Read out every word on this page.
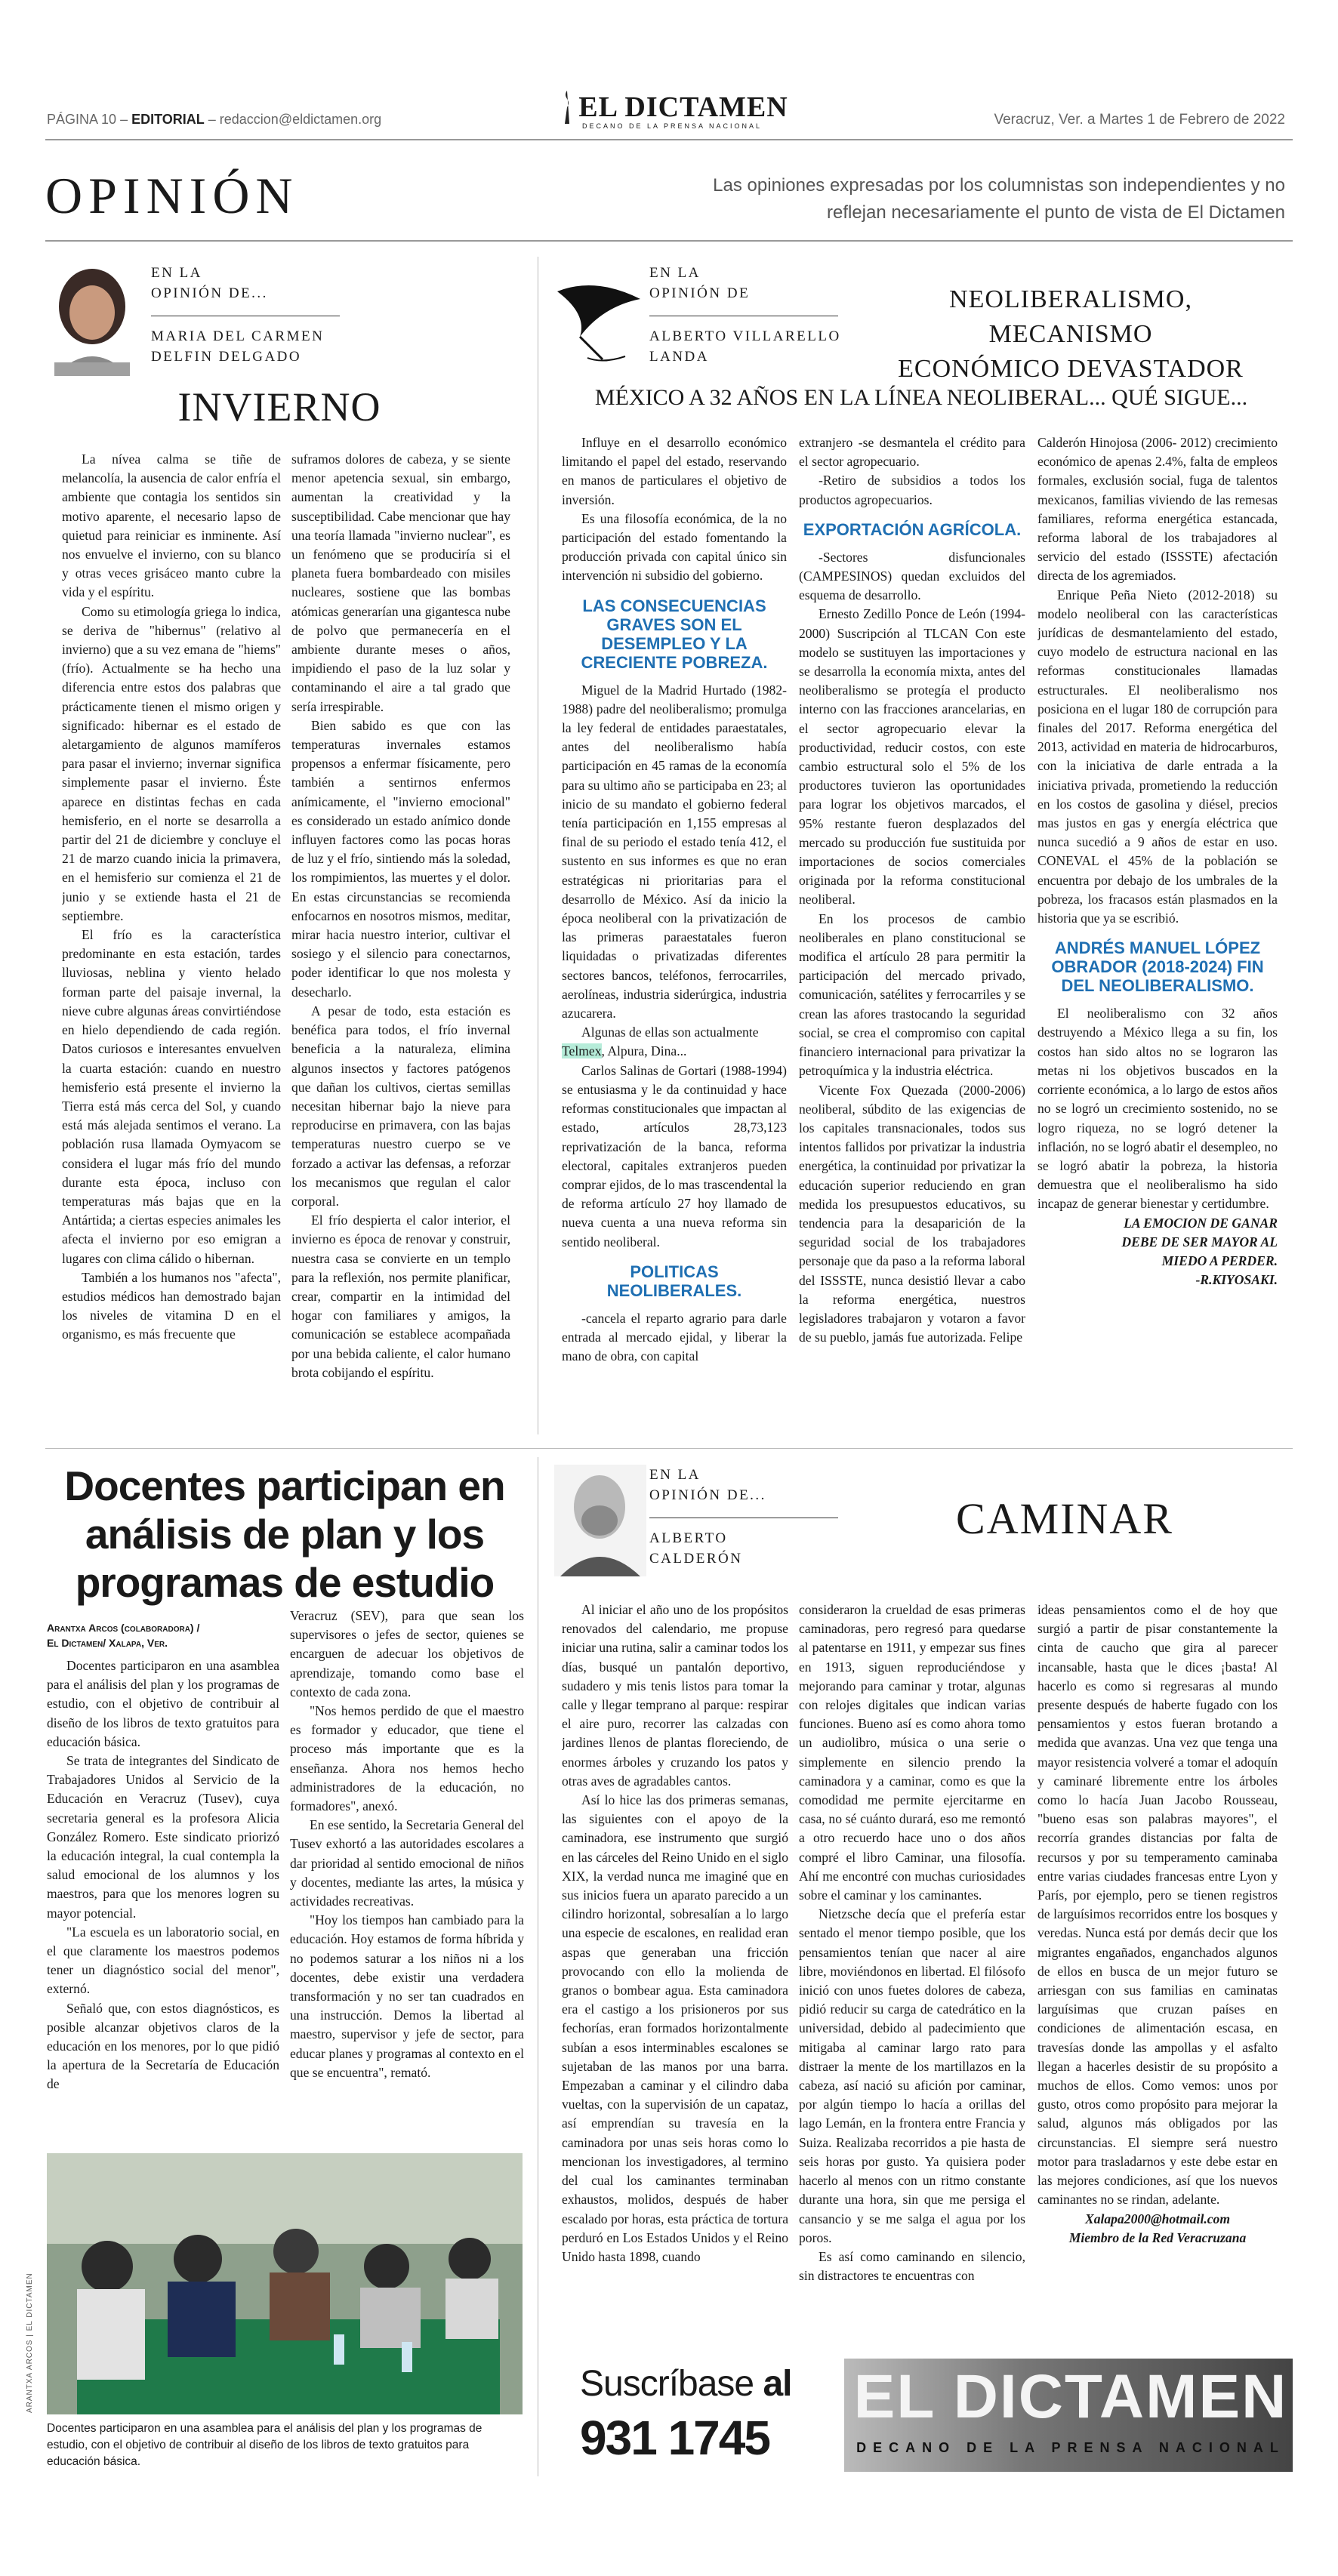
PÁGINA 10 – EDITORIAL – redaccion@eldictamen.org	EL DICTAMEN
DECANO DE LA PRENSA NACIONAL	Veracruz, Ver. a Martes 1 de Febrero de 2022
OPINIÓN	Las opiniones expresadas por los columnistas son independientes y no
reflejan necesariamente el punto de vista de El Dictamen
EN LA
OPINIÓN DE...
MARIA DEL CARMEN
DELFIN DELGADO
INVIERNO

La nívea calma se tiñe de melancolía, la ausencia de calor enfría el ambiente que contagia los sentidos sin motivo aparente, el necesario lapso de quietud para reiniciar es inminente. Así nos envuelve el invierno, con su blanco y otras veces grisáceo manto cubre la vida y el espíritu.

Como su etimología griega lo indica, se deriva de "hibernus" (relativo al invierno) que a su vez emana de "hiems" (frío). Actualmente se ha hecho una diferencia entre estos dos palabras que prácticamente tienen el mismo origen y significado: hibernar es el estado de aletargamiento de algunos mamíferos para pasar el invierno; invernar significa simplemente pasar el invierno. Éste aparece en distintas fechas en cada hemisferio, en el norte se desarrolla a partir del 21 de diciembre y concluye el 21 de marzo cuando inicia la primavera, en el hemisferio sur comienza el 21 de junio y se extiende hasta el 21 de septiembre.

El frío es la característica predominante en esta estación, tardes lluviosas, neblina y viento helado forman parte del paisaje invernal, la nieve cubre algunas áreas convirtiéndose en hielo dependiendo de cada región. Datos curiosos e interesantes envuelven la cuarta estación: cuando en nuestro hemisferio está presente el invierno la Tierra está más cerca del Sol, y cuando está más alejada sentimos el verano. La población rusa llamada Oymyacom se considera el lugar más frío del mundo durante esta época, incluso con temperaturas más bajas que en la Antártida; a ciertas especies animales les afecta el invierno por eso emigran a lugares con clima cálido o hibernan.

También a los humanos nos "afecta", estudios médicos han demostrado bajan los niveles de vitamina D en el organismo, es más frecuente que

suframos dolores de cabeza, y se siente menor apetencia sexual, sin embargo, aumentan la creatividad y la susceptibilidad. Cabe mencionar que hay una teoría llamada "invierno nuclear", es un fenómeno que se produciría si el planeta fuera bombardeado con misiles nucleares, sostiene que las bombas atómicas generarían una gigantesca nube de polvo que permanecería en el ambiente durante meses o años, impidiendo el paso de la luz solar y contaminando el aire a tal grado que sería irrespirable.

Bien sabido es que con las temperaturas invernales estamos propensos a enfermar físicamente, pero también a sentirnos enfermos anímicamente, el "invierno emocional" es considerado un estado anímico donde influyen factores como las pocas horas de luz y el frío, sintiendo más la soledad, los rompimientos, las muertes y el dolor. En estas circunstancias se recomienda enfocarnos en nosotros mismos, meditar, mirar hacia nuestro interior, cultivar el sosiego y el silencio para conectarnos, poder identificar lo que nos molesta y desecharlo.

A pesar de todo, esta estación es benéfica para todos, el frío invernal beneficia a la naturaleza, elimina algunos insectos y factores patógenos que dañan los cultivos, ciertas semillas necesitan hibernar bajo la nieve para reproducirse en primavera, con las bajas temperaturas nuestro cuerpo se ve forzado a activar las defensas, a reforzar los mecanismos que regulan el calor corporal.

El frío despierta el calor interior, el invierno es época de renovar y construir, nuestra casa se convierte en un templo para la reflexión, nos permite planificar, crear, compartir en la intimidad del hogar con familiares y amigos, la comunicación se establece acompañada por una bebida caliente, el calor humano brota cobijando el espíritu.

EN LA
OPINIÓN DE
ALBERTO VILLARELLO
LANDA
NEOLIBERALISMO, MECANISMO
ECONÓMICO DEVASTADOR
MÉXICO A 32 AÑOS EN LA LÍNEA NEOLIBERAL... QUÉ SIGUE...

Influye en el desarrollo económico limitando el papel del estado, reservando en manos de particulares el objetivo de inversión.

Es una filosofía económica, de la no participación del estado fomentando la producción privada con capital único sin intervención ni subsidio del gobierno.

LAS CONSECUENCIAS GRAVES SON EL DESEMPLEO Y LA CRECIENTE POBREZA.

Miguel de la Madrid Hurtado (1982-1988) padre del neoliberalismo; promulga la ley federal de entidades paraestatales, antes del neoliberalismo había participación en 45 ramas de la economía para su ultimo año se participaba en 23; al inicio de su mandato el gobierno federal tenía participación en 1,155 empresas al final de su periodo el estado tenía 412, el sustento en sus informes es que no eran estratégicas ni prioritarias para el desarrollo de México. Así da inicio la época neoliberal con la privatización de las primeras paraestatales fueron liquidadas o privatizadas diferentes sectores bancos, teléfonos, ferrocarriles, aerolíneas, industria siderúrgica, industria azucarera.

Algunas de ellas son actualmente

Telmex, Alpura, Dina...

Carlos Salinas de Gortari (1988-1994) se entusiasma y le da continuidad y hace reformas constitucionales que impactan al estado, artículos 28,73,123 reprivatización de la banca, reforma electoral, capitales extranjeros pueden comprar ejidos, de lo mas trascendental la de reforma artículo 27 hoy llamado de nueva cuenta a una nueva reforma sin sentido neoliberal.

POLITICAS NEOLIBERALES.

-cancela el reparto agrario para darle entrada al mercado ejidal, y liberar la mano de obra, con capital

extranjero -se desmantela el crédito para el sector agropecuario.

-Retiro de subsidios a todos los productos agropecuarios.

EXPORTACIÓN AGRÍCOLA.

-Sectores disfuncionales (CAMPESINOS) quedan excluidos del esquema de desarrollo.

Ernesto Zedillo Ponce de León (1994-2000) Suscripción al TLCAN Con este modelo se sustituyen las importaciones y se desarrolla la economía mixta, antes del neoliberalismo se protegía el producto interno con las fracciones arancelarias, en el sector agropecuario elevar la productividad, reducir costos, con este cambio estructural solo el 5% de los productores tuvieron las oportunidades para lograr los objetivos marcados, el 95% restante fueron desplazados del mercado su producción fue sustituida por importaciones de socios comerciales originada por la reforma constitucional neoliberal.

En los procesos de cambio neoliberales en plano constitucional se modifica el artículo 28 para permitir la participación del mercado privado, comunicación, satélites y ferrocarriles y se crean las afores trastocando la seguridad social, se crea el compromiso con capital financiero internacional para privatizar la petroquímica y la industria eléctrica.

Vicente Fox Quezada (2000-2006) neoliberal, súbdito de las exigencias de los capitales transnacionales, todos sus intentos fallidos por privatizar la industria energética, la continuidad por privatizar la educación superior reduciendo en gran medida los presupuestos educativos, su tendencia para la desaparición de la seguridad social de los trabajadores personaje que da paso a la reforma laboral del ISSSTE, nunca desistió llevar a cabo la reforma energética, nuestros legisladores trabajaron y votaron a favor de su pueblo, jamás fue autorizada. Felipe

Calderón Hinojosa (2006- 2012) crecimiento económico de apenas 2.4%, falta de empleos formales, exclusión social, fuga de talentos mexicanos, familias viviendo de las remesas familiares, reforma energética estancada, reforma laboral de los trabajadores al servicio del estado (ISSSTE) afectación directa de los agremiados.

Enrique Peña Nieto (2012-2018) su modelo neoliberal con las características jurídicas de desmantelamiento del estado, cuyo modelo de estructura nacional en las reformas constitucionales llamadas estructurales. El neoliberalismo nos posiciona en el lugar 180 de corrupción para finales del 2017. Reforma energética del 2013, actividad en materia de hidrocarburos, con la iniciativa de darle entrada a la iniciativa privada, prometiendo la reducción en los costos de gasolina y diésel, precios mas justos en gas y energía eléctrica que nunca sucedió a 9 años de estar en uso. CONEVAL el 45% de la población se encuentra por debajo de los umbrales de la pobreza, los fracasos están plasmados en la historia que ya se escribió.

ANDRÉS MANUEL LÓPEZ OBRADOR (2018-2024) FIN DEL NEOLIBERALISMO.

El neoliberalismo con 32 años destruyendo a México llega a su fin, los costos han sido altos no se lograron las metas ni los objetivos buscados en la corriente económica, a lo largo de estos años no se logró un crecimiento sostenido, no se logro riqueza, no se logró detener la inflación, no se logró abatir el desempleo, no se logró abatir la pobreza, la historia demuestra que el neoliberalismo ha sido incapaz de generar bienestar y certidumbre.

LA EMOCION DE GANAR

DEBE DE SER MAYOR AL

MIEDO A PERDER.

-R.KIYOSAKI.

Docentes participan en análisis de plan y los programas de estudio
Arantxa Arcos (colaboradora) /
El Dictamen/ Xalapa, Ver.

Docentes participaron en una asamblea para el análisis del plan y los programas de estudio, con el objetivo de contribuir al diseño de los libros de texto gratuitos para educación básica.

Se trata de integrantes del Sindicato de Trabajadores Unidos al Servicio de la Educación en Veracruz (Tusev), cuya secretaria general es la profesora Alicia González Romero. Este sindicato priorizó la educación integral, la cual contempla la salud emocional de los alumnos y los maestros, para que los menores logren su mayor potencial.

"La escuela es un laboratorio social, en el que claramente los maestros podemos tener un diagnóstico social del menor", externó.

Señaló que, con estos diagnósticos, es posible alcanzar objetivos claros de la educación en los menores, por lo que pidió la apertura de la Secretaría de Educación de

Veracruz (SEV), para que sean los supervisores o jefes de sector, quienes se encarguen de adecuar los objetivos de aprendizaje, tomando como base el contexto de cada zona.

"Nos hemos perdido de que el maestro es formador y educador, que tiene el proceso más importante que es la enseñanza. Ahora nos hemos hecho administradores de la educación, no formadores", anexó.

En ese sentido, la Secretaria General del Tusev exhortó a las autoridades escolares a dar prioridad al sentido emocional de niños y docentes, mediante las artes, la música y actividades recreativas.

"Hoy los tiempos han cambiado para la educación. Hoy estamos de forma híbrida y no podemos saturar a los niños ni a los docentes, debe existir una verdadera transformación y no ser tan cuadrados en una instrucción. Demos la libertad al maestro, supervisor y jefe de sector, para educar planes y programas al contexto en el que se encuentra", remató.

ARANTXA ARCOS | EL DICTAMEN
Docentes participaron en una asamblea para el análisis del plan y los programas de estudio, con el objetivo de contribuir al diseño de los libros de texto gratuitos para educación básica.
EN LA
OPINIÓN DE...
ALBERTO
CALDERÓN
CAMINAR

Al iniciar el año uno de los propósitos renovados del calendario, me propuse iniciar una rutina, salir a caminar todos los días, busqué un pantalón deportivo, sudadero y mis tenis listos para tomar la calle y llegar temprano al parque: respirar el aire puro, recorrer las calzadas con jardines llenos de plantas floreciendo, de enormes árboles y cruzando los patos y otras aves de agradables cantos.

Así lo hice las dos primeras semanas, las siguientes con el apoyo de la caminadora, ese instrumento que surgió en las cárceles del Reino Unido en el siglo XIX, la verdad nunca me imaginé que en sus inicios fuera un aparato parecido a un cilindro horizontal, sobresalían a lo largo una especie de escalones, en realidad eran aspas que generaban una fricción provocando con ello la molienda de granos o bombear agua. Esta caminadora era el castigo a los prisioneros por sus fechorías, eran formados horizontalmente subían a esos interminables escalones se sujetaban de las manos por una barra. Empezaban a caminar y el cilindro daba vueltas, con la supervisión de un capataz, así emprendían su travesía en la caminadora por unas seis horas como lo mencionan los investigadores, al termino del cual los caminantes terminaban exhaustos, molidos, después de haber escalado por horas, esta práctica de tortura perduró en Los Estados Unidos y el Reino Unido hasta 1898, cuando

consideraron la crueldad de esas primeras caminadoras, pero regresó para quedarse al patentarse en 1911, y empezar sus fines en 1913, siguen reproduciéndose y mejorando para caminar y trotar, algunas con relojes digitales que indican varias funciones. Bueno así es como ahora tomo un audiolibro, música o una serie o simplemente en silencio prendo la caminadora y a caminar, como es que la comodidad me permite ejercitarme en casa, no sé cuánto durará, eso me remontó a otro recuerdo hace uno o dos años compré el libro Caminar, una filosofía. Ahí me encontré con muchas curiosidades sobre el caminar y los caminantes.

Nietzsche decía que el prefería estar sentado el menor tiempo posible, que los pensamientos tenían que nacer al aire libre, moviéndonos en libertad. El filósofo inició con unos fuetes dolores de cabeza, pidió reducir su carga de catedrático en la universidad, debido al padecimiento que mitigaba al caminar largo rato para distraer la mente de los martillazos en la cabeza, así nació su afición por caminar, por algún tiempo lo hacía a orillas del lago Lemán, en la frontera entre Francia y Suiza. Realizaba recorridos a pie hasta de seis horas por gusto. Ya quisiera poder hacerlo al menos con un ritmo constante durante una hora, sin que me persiga el cansancio y se me salga el agua por los poros.

Es así como caminando en silencio, sin distractores te encuentras con

ideas pensamientos como el de hoy que surgió a partir de pisar constantemente la cinta de caucho que gira al parecer incansable, hasta que le dices ¡basta! Al hacerlo es como si regresaras al mundo presente después de haberte fugado con los pensamientos y estos fueran brotando a medida que avanzas. Una vez que tenga una mayor resistencia volveré a tomar el adoquín y caminaré libremente entre los árboles como lo hacía Juan Jacobo Rousseau, "bueno esas son palabras mayores", el recorría grandes distancias por falta de recursos y por su temperamento caminaba entre varias ciudades francesas entre Lyon y París, por ejemplo, pero se tienen registros de larguísimos recorridos entre los bosques y veredas. Nunca está por demás decir que los migrantes engañados, enganchados algunos de ellos en busca de un mejor futuro se arriesgan con sus familias en caminatas larguísimas que cruzan países en condiciones de alimentación escasa, en travesías donde las ampollas y el asfalto llegan a hacerles desistir de su propósito a muchos de ellos. Como vemos: unos por gusto, otros como propósito para mejorar la salud, algunos más obligados por las circunstancias. El siempre será nuestro motor para trasladarnos y este debe estar en las mejores condiciones, así que los nuevos caminantes no se rindan, adelante.

Xalapa2000@hotmail.com

Miembro de la Red Veracruzana

Suscríbase al
931 1745
EL DICTAMEN
DECANO DE LA PRENSA NACIONAL
